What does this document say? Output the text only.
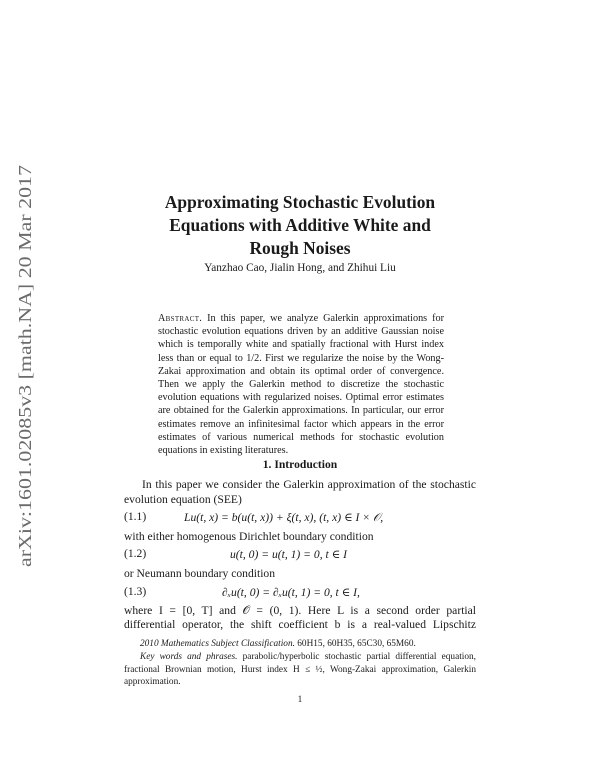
arXiv:1601.02085v3 [math.NA] 20 Mar 2017
Approximating Stochastic Evolution
Equations with Additive White and
Rough Noises
Yanzhao Cao, Jialin Hong, and Zhihui Liu
Abstract. In this paper, we analyze Galerkin approximations for stochastic evolution equations driven by an additive Gaussian noise which is temporally white and spatially fractional with Hurst index less than or equal to 1/2. First we regularize the noise by the Wong-Zakai approximation and obtain its optimal order of convergence. Then we apply the Galerkin method to discretize the stochastic evolution equations with regularized noises. Optimal error estimates are obtained for the Galerkin approximations. In particular, our error estimates remove an infinitesimal factor which appears in the error estimates of various numerical methods for stochastic evolution equations in existing literatures.
1. Introduction
In this paper we consider the Galerkin approximation of the stochastic evolution equation (SEE)
(1.1)	Lu(t, x) = b(u(t, x)) + ξ(t, x), (t, x) ∈ I × 𝒪,
with either homogenous Dirichlet boundary condition
(1.2)	u(t, 0) = u(t, 1) = 0, t ∈ I
or Neumann boundary condition
(1.3)	∂ₓu(t, 0) = ∂ₓu(t, 1) = 0, t ∈ I,
where I = [0, T] and 𝒪 = (0, 1). Here L is a second order partial
differential operator, the shift coefficient b is a real-valued Lipschitz

2010 Mathematics Subject Classification. 60H15, 60H35, 65C30, 65M60.

Key words and phrases. parabolic/hyperbolic stochastic partial differential equation, fractional Brownian motion, Hurst index H ≤ ½, Wong-Zakai approximation, Galerkin approximation.

1
